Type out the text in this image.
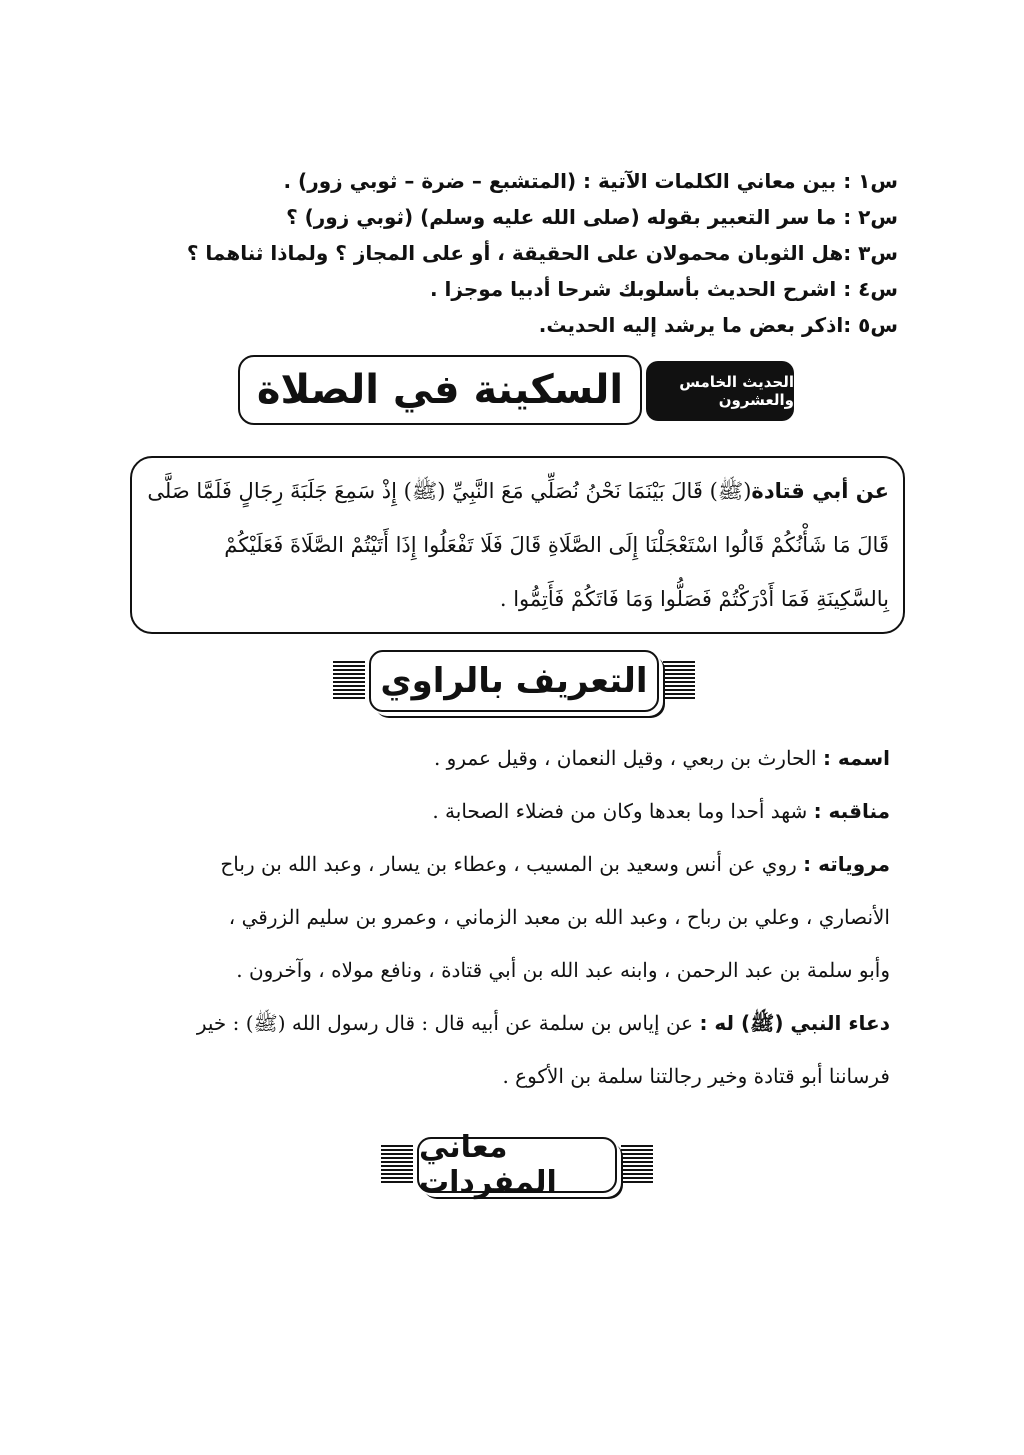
س١ : بين معاني الكلمات الآتية : (المتشبع – ضرة – ثوبي زور) .
س٢ : ما سر التعبير بقوله (صلى الله عليه وسلم) (ثوبي زور) ؟
س٣ :هل الثوبان محمولان على الحقيقة ، أو على المجاز ؟ ولماذا ثناهما ؟
س٤ : اشرح الحديث بأسلوبك شرحا أدبيا موجزا .
س٥ :اذكر بعض ما يرشد إليه الحديث.
السكينة في الصلاة	الحديث الخامس والعشرون

عن أبي قتادة(ﷺ) قَالَ بَيْنَمَا نَحْنُ نُصَلِّي مَعَ النَّبِيِّ (ﷺ) إِذْ سَمِعَ جَلَبَةَ رِجَالٍ فَلَمَّا صَلَّى

قَالَ مَا شَأْنُكُمْ قَالُوا اسْتَعْجَلْنَا إِلَى الصَّلَاةِ قَالَ فَلَا تَفْعَلُوا إِذَا أَتَيْتُمْ الصَّلَاةَ فَعَلَيْكُمْ

بِالسَّكِينَةِ فَمَا أَدْرَكْتُمْ فَصَلُّوا وَمَا فَاتَكُمْ فَأَتِمُّوا .

التعريف بالراوي

اسمه : الحارث بن ربعي ، وقيل النعمان ، وقيل عمرو .

مناقبه : شهد أحدا وما بعدها وكان من فضلاء الصحابة .

مروياته : روي عن أنس وسعيد بن المسيب ، وعطاء بن يسار ، وعبد الله بن رباح

الأنصاري ، وعلي بن رباح ، وعبد الله بن معبد الزماني ، وعمرو بن سليم الزرقي ،

وأبو سلمة بن عبد الرحمن ، وابنه عبد الله بن أبي قتادة ، ونافع مولاه ، وآخرون .

دعاء النبي (ﷺ) له : عن إياس بن سلمة عن أبيه قال : قال رسول الله (ﷺ) : خير

فرساننا أبو قتادة وخير رجالتنا سلمة بن الأكوع .

معاني المفردات
